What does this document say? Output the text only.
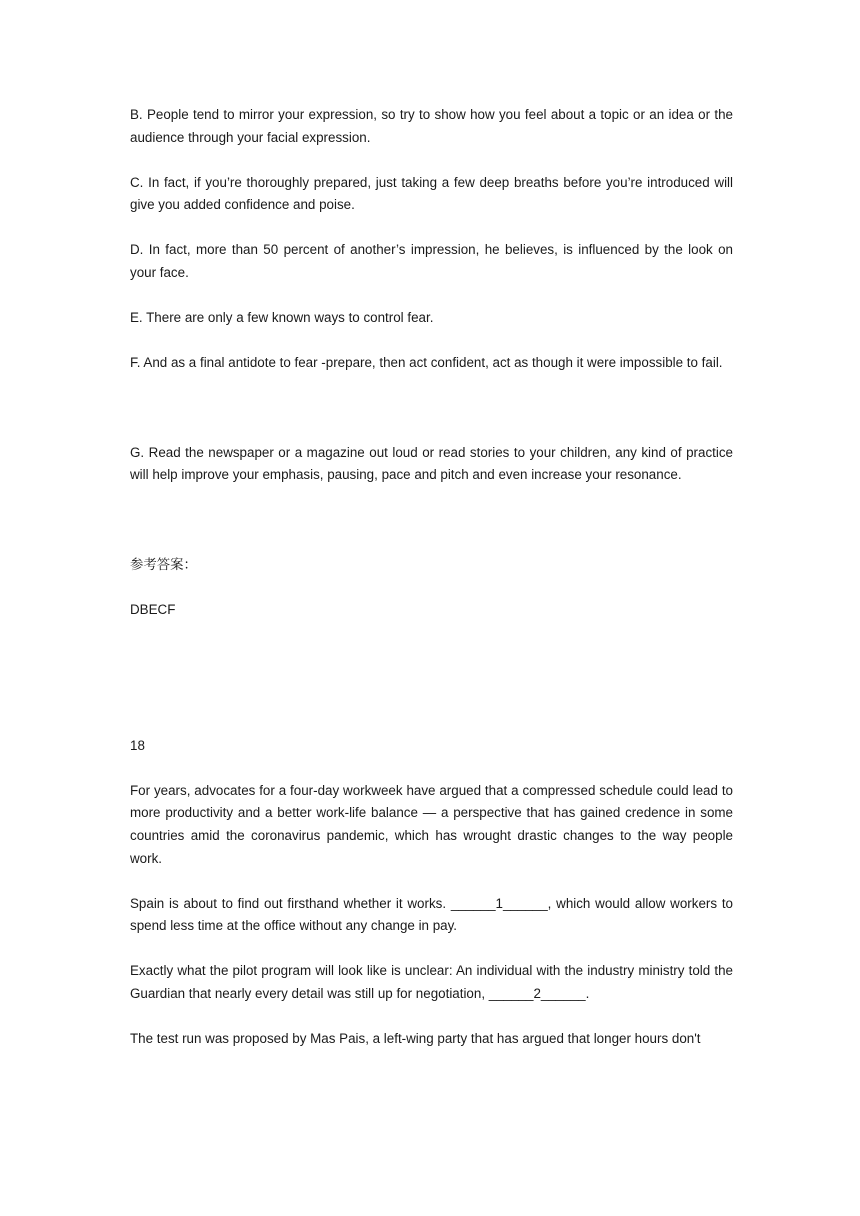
B. People tend to mirror your expression, so try to show how you feel about a topic or an idea or the audience through your facial expression.

C. In fact, if you’re thoroughly prepared, just taking a few deep breaths before you’re introduced will give you added confidence and poise.

D. In fact, more than 50 percent of another’s impression, he believes, is influenced by the look on your face.

E. There are only a few known ways to control fear.

F. And as a final antidote to fear -prepare, then act confident, act as though it were impossible to fail.

G. Read the newspaper or a magazine out loud or read stories to your children, any kind of practice will help improve your emphasis, pausing, pace and pitch and even increase your resonance.

参考答案：

DBECF

18

For years, advocates for a four-day workweek have argued that a compressed schedule could lead to more productivity and a better work-life balance — a perspective that has gained credence in some countries amid the coronavirus pandemic, which has wrought drastic changes to the way people work.

Spain is about to find out firsthand whether it works. ______1______, which would allow workers to spend less time at the office without any change in pay.

Exactly what the pilot program will look like is unclear: An individual with the industry ministry told the Guardian that nearly every detail was still up for negotiation, ______2______.

The test run was proposed by Mas Pais, a left-wing party that has argued that longer hours don't
